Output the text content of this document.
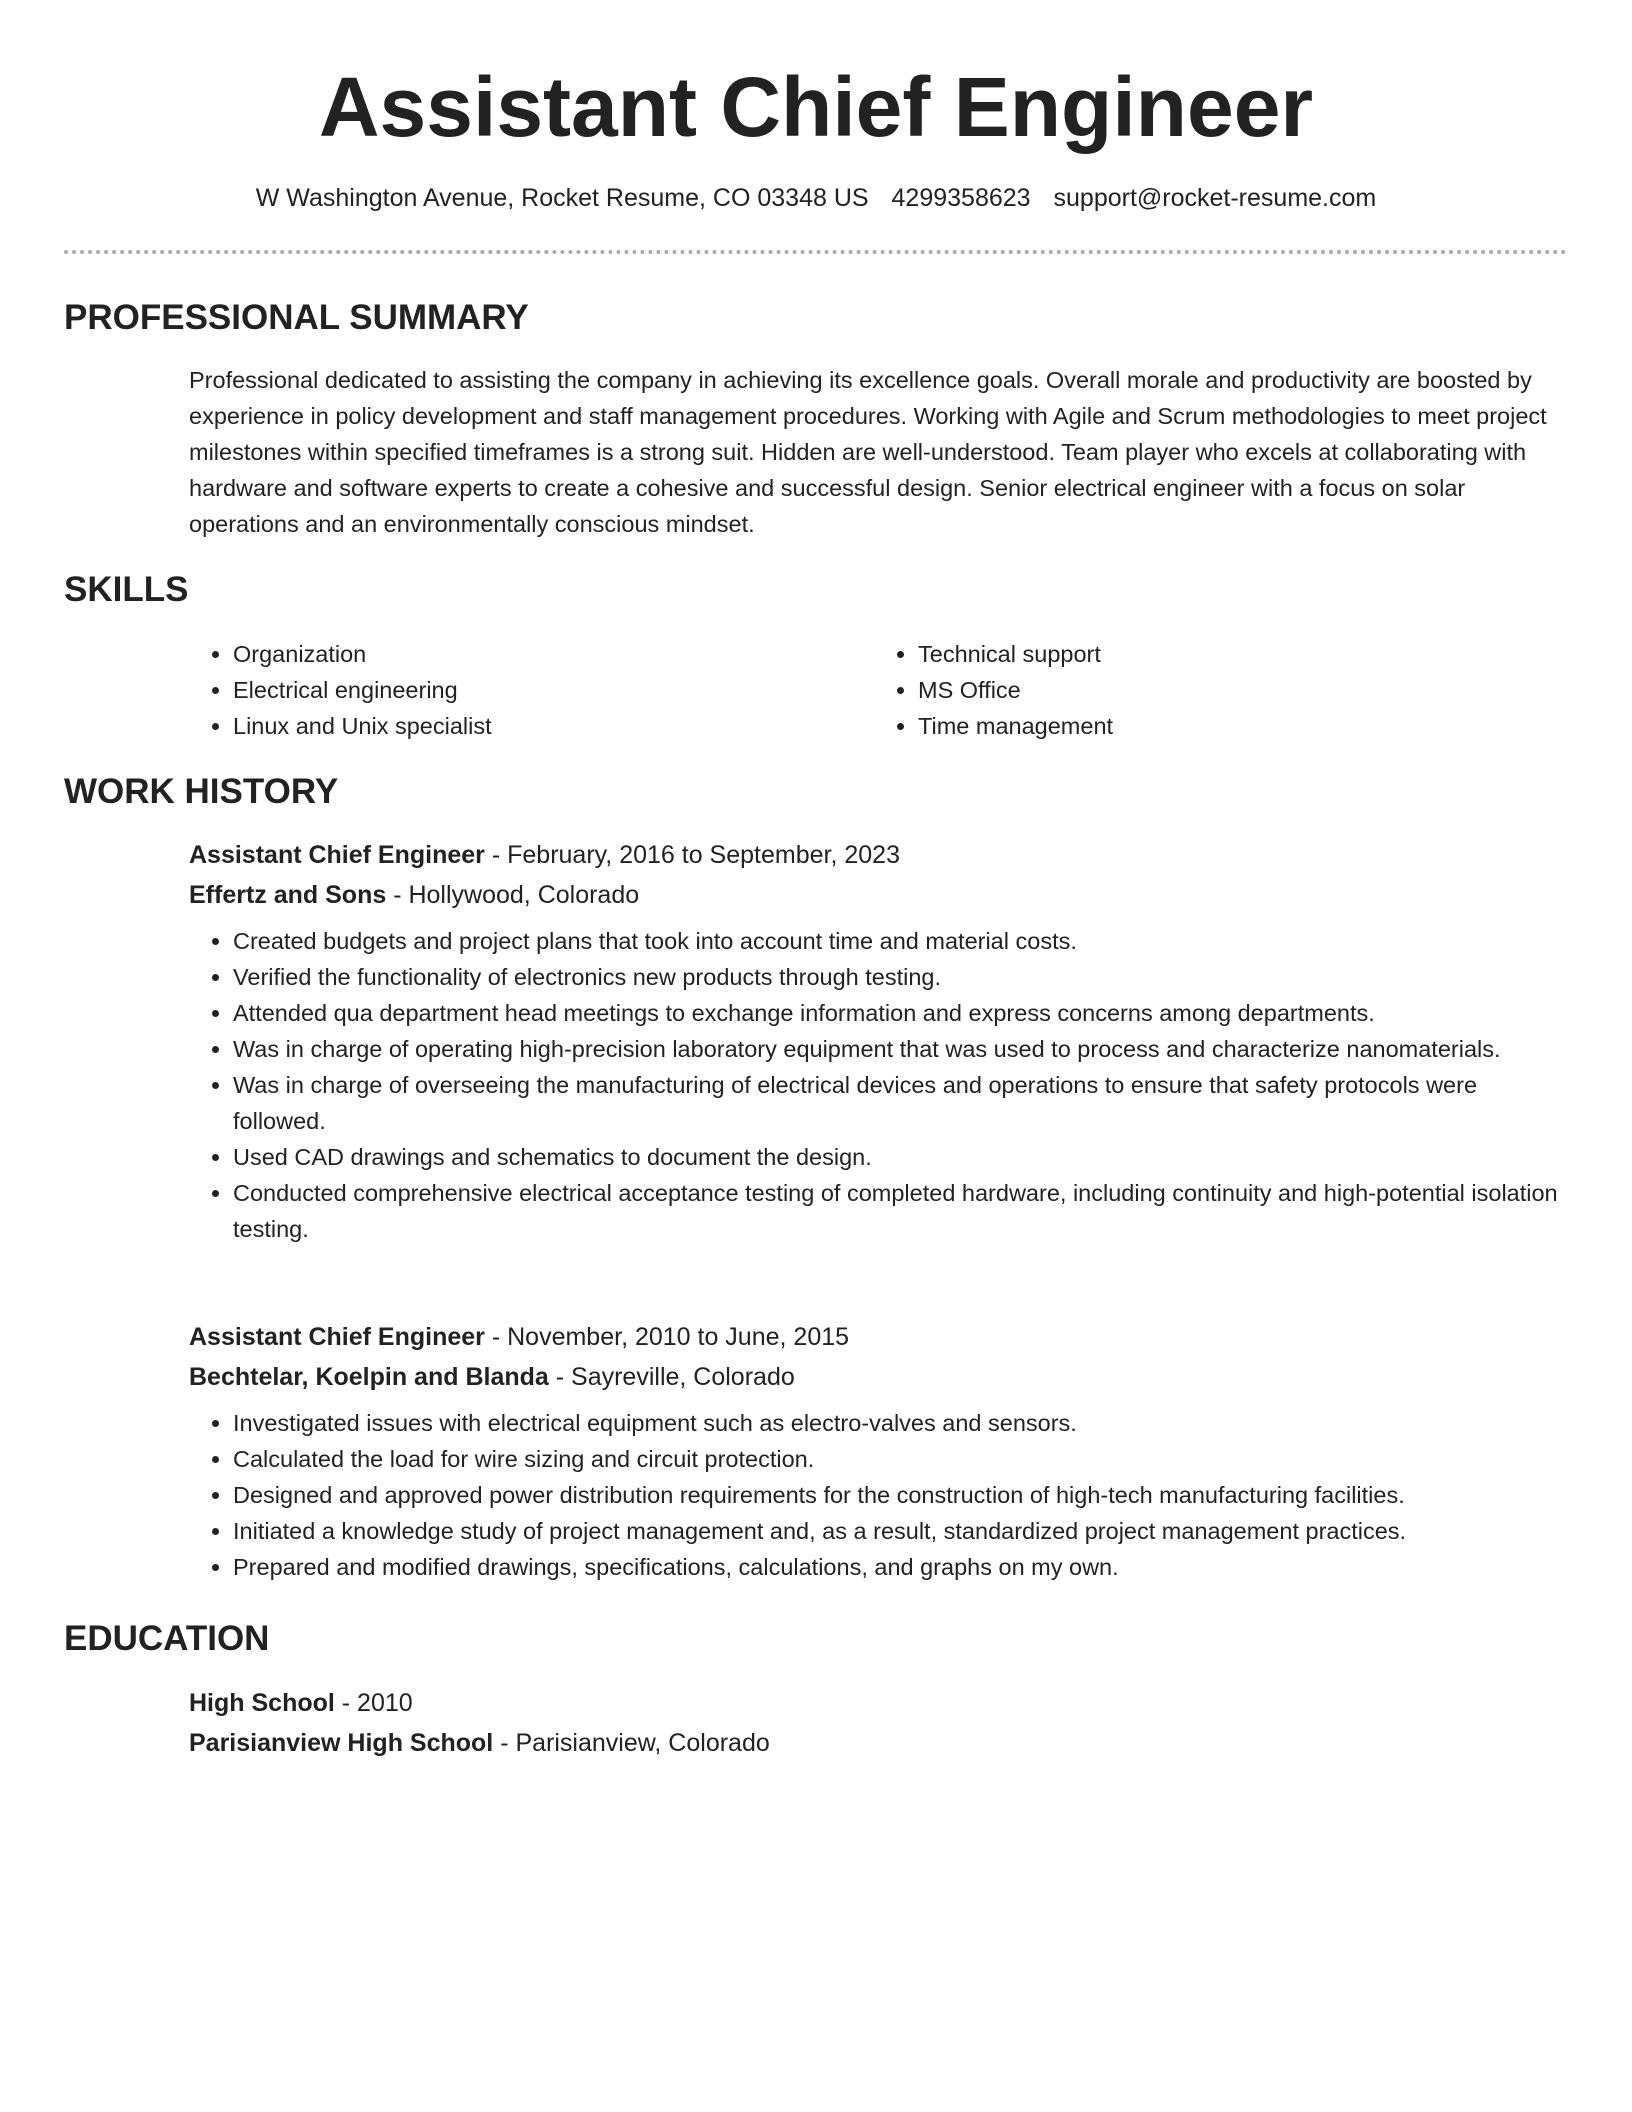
Assistant Chief Engineer
W Washington Avenue, Rocket Resume, CO 03348 US 4299358623 support@rocket-resume.com
PROFESSIONAL SUMMARY

Professional dedicated to assisting the company in achieving its excellence goals. Overall morale and productivity are boosted by experience in policy development and staff management procedures. Working with Agile and Scrum methodologies to meet project milestones within specified timeframes is a strong suit. Hidden are well-understood. Team player who excels at collaborating with hardware and software experts to create a cohesive and successful design. Senior electrical engineer with a focus on solar operations and an environmentally conscious mindset.

SKILLS
• Organization
• Electrical engineering
• Linux and Unix specialist
• Technical support
• MS Office
• Time management
WORK HISTORY

Assistant Chief Engineer - February, 2016 to September, 2023

Effertz and Sons - Hollywood, Colorado

• Created budgets and project plans that took into account time and material costs.
• Verified the functionality of electronics new products through testing.
• Attended qua department head meetings to exchange information and express concerns among departments.
• Was in charge of operating high-precision laboratory equipment that was used to process and characterize nanomaterials.
• Was in charge of overseeing the manufacturing of electrical devices and operations to ensure that safety protocols were followed.
• Used CAD drawings and schematics to document the design.
• Conducted comprehensive electrical acceptance testing of completed hardware, including continuity and high-potential isolation testing.

Assistant Chief Engineer - November, 2010 to June, 2015

Bechtelar, Koelpin and Blanda - Sayreville, Colorado

• Investigated issues with electrical equipment such as electro-valves and sensors.
• Calculated the load for wire sizing and circuit protection.
• Designed and approved power distribution requirements for the construction of high-tech manufacturing facilities.
• Initiated a knowledge study of project management and, as a result, standardized project management practices.
• Prepared and modified drawings, specifications, calculations, and graphs on my own.
EDUCATION

High School - 2010

Parisianview High School - Parisianview, Colorado
